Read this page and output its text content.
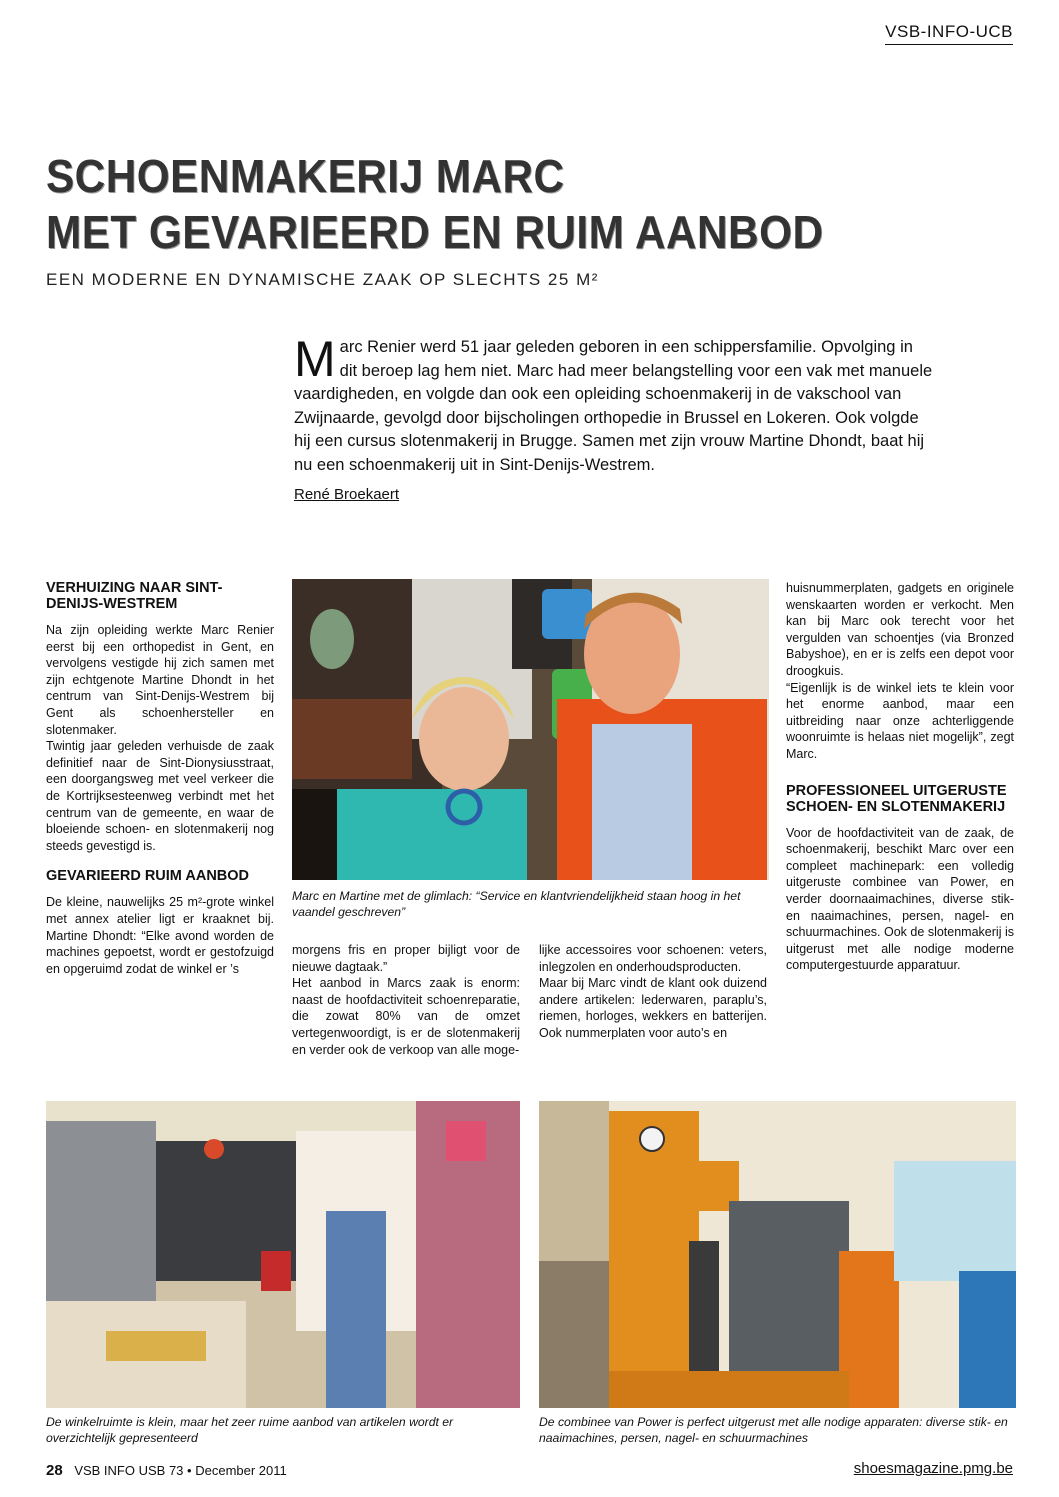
VSB-INFO-UCB
SCHOENMAKERIJ MARC
MET GEVARIEERD EN RUIM AANBOD
EEN MODERNE EN DYNAMISCHE ZAAK OP SLECHTS 25 M²
M arc Renier werd 51 jaar geleden geboren in een schippersfamilie. Opvolging in dit beroep lag hem niet. Marc had meer belangstelling voor een vak met manuele vaardigheden, en volgde dan ook een opleiding schoenmakerij in de vakschool van Zwijnaarde, gevolgd door bijscholingen orthopedie in Brussel en Lokeren. Ook volgde hij een cursus slotenmakerij in Brugge. Samen met zijn vrouw Martine Dhondt, baat hij nu een schoenmakerij uit in Sint-Denijs-Westrem.
René Broekaert
VERHUIZING NAAR SINT-DENIJS-WESTREM

Na zijn opleiding werkte Marc Renier eerst bij een orthopedist in Gent, en vervolgens vestigde hij zich samen met zijn echtgenote Martine Dhondt in het centrum van Sint-Denijs-Westrem bij Gent als schoenhersteller en slotenmaker.

Twintig jaar geleden verhuisde de zaak definitief naar de Sint-Dionysiusstraat, een doorgangsweg met veel verkeer die de Kortrijksesteenweg verbindt met het centrum van de gemeente, en waar de bloeiende schoen- en slotenmakerij nog steeds gevestigd is.

GEVARIEERD RUIM AANBOD

De kleine, nauwelijks 25 m²-grote winkel met annex atelier ligt er kraaknet bij. Martine Dhondt: “Elke avond worden de machines gepoetst, wordt er gestofzuigd en opgeruimd zodat de winkel er ’s

Marc en Martine met de glimlach: “Service en klantvriendelijkheid staan hoog in het vaandel geschreven”

morgens fris en proper bijligt voor de nieuwe dagtaak.”

Het aanbod in Marcs zaak is enorm: naast de hoofdactiviteit schoenreparatie, die zowat 80% van de omzet vertegenwoordigt, is er de slotenmakerij en verder ook de verkoop van alle moge-

lijke accessoires voor schoenen: veters, inlegzolen en onderhoudsproducten.

Maar bij Marc vindt de klant ook duizend andere artikelen: lederwaren, paraplu’s, riemen, horloges, wekkers en batterijen. Ook nummerplaten voor auto’s en

huisnummerplaten, gadgets en originele wenskaarten worden er verkocht. Men kan bij Marc ook terecht voor het vergulden van schoentjes (via Bronzed Babyshoe), en er is zelfs een depot voor droogkuis.

“Eigenlijk is de winkel iets te klein voor het enorme aanbod, maar een uitbreiding naar onze achterliggende woonruimte is helaas niet mogelijk”, zegt Marc.

PROFESSIONEEL UITGERUSTE SCHOEN- EN SLOTENMAKERIJ

Voor de hoofdactiviteit van de zaak, de schoenmakerij, beschikt Marc over een compleet machinepark: een volledig uitgeruste combinee van Power, en verder doornaaimachines, diverse stik- en naaimachines, persen, nagel- en schuurmachines. Ook de slotenmakerij is uitgerust met alle nodige moderne computergestuurde apparatuur.

De winkelruimte is klein, maar het zeer ruime aanbod van artikelen wordt er overzichtelijk gepresenteerd
De combinee van Power is perfect uitgerust met alle nodige apparaten: diverse stik- en naaimachines, persen, nagel- en schuurmachines
28 VSB INFO USB 73 • December 2011	shoesmagazine.pmg.be
